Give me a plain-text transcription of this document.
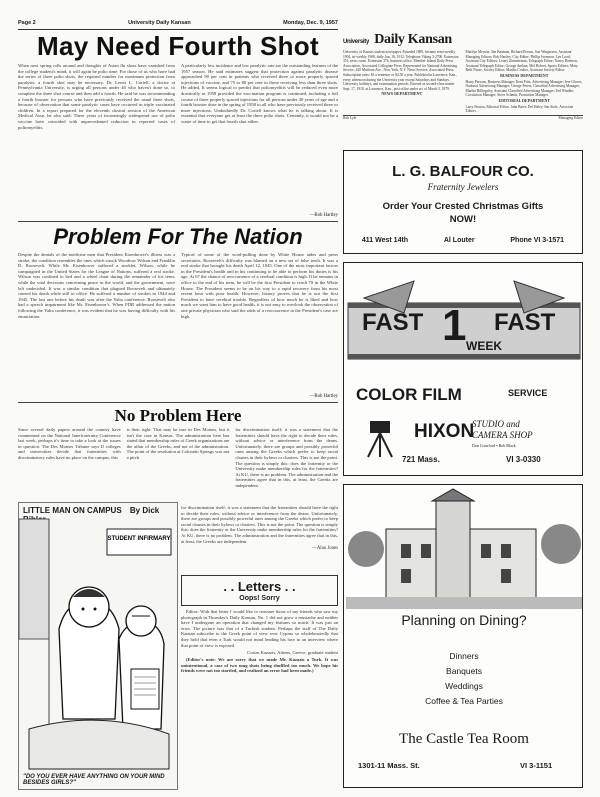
Page 2	University Daily Kansan	Monday, Dec. 9, 1957
May Need Fourth Shot
When next spring rolls around and thoughts of Asian flu shots have vanished from the college student's mind, it will again be polio time. For those of us who have had the series of three polio shots, the required number for maximum protection from paralysis, a fourth shot may be necessary. Dr. Lewis L. Coriell, a doctor at Pennsylvania University, is urging all persons under 40 who haven't done so, to complete the three shot course and then add a fourth. He said he was recommending a fourth booster for persons who have previously received the usual three shots, because of observation that some paralytic cases have occurred in triple vaccinated children. In a report prepared for the eleventh clinical session of the American Medical Assn. he also said: There years of increasingly widespread use of polio vaccine have coincided with unprecedented reduction in reported cases of poliomyelitis.
A particularly low incidence and low paralytic rate are the outstanding features of the 1957 season. He said estimates suggest that protection against paralytic disease approached 90 per cent in patients who received three or more properly spaced injections of vaccine, and 75 to 80 per cent in those receiving less than three shots. He added, It seems logical to predict that poliomyelitis will be reduced even more drastically in 1958 provided the vaccination program is continued, including a full course of three properly spaced injections for all persons under 40 years of age and a fourth booster dose in the spring of 1958 to all who have previously received three or more injections. Undoubtedly Dr. Coriell knows what he is talking about. It is essential that everyone get at least the three polio shots. Certainly, it would not be a waste of time to get that fourth shot either.
—Bob Hartley
Problem For The Nation
Despite the denials of the medicine men that President Eisenhower's illness was a stroke, the condition resembles the ones which struck Woodrow Wilson and Franklin D. Roosevelt. While Mr. Eisenhower suffered a stroklet, Wilson, while he campaigned in the United States for the League of Nations, suffered a real stroke. Wilson was confined to bed and a wheel chair during the remainder of his term, while the vital decisions concerning peace in the world, and the government, were left undecided. It was a similar condition that plagued Roosevelt and ultimately caused his death while still in office. He suffered a number of strokes in 1944 and 1945. The last one before his death was after the Yalta conference. Roosevelt also had a speech impairment like Mr. Eisenhower's. When FDR addressed the nation following the Yalta conference, it was evident that he was having difficulty with his enunciation.
Typical of some of the word-pulling done by White House aides and press secretaries, Roosevelt's difficulty was blamed on a new set of false teeth. It was a real stroke that brought his death April 12, 1945. One of the most important factors in the President's health and in his continuing to be able to perform his duties is his age. At 67 the chance of reoccurrence of a cerebral condition is high. If he remains in office to the end of his term, he will be the first President to reach 70 in the White House. The President seems to be on his way to a rapid recovery from his most recent bout with poor health. However, history proves that he is not the first President to have cerebral trouble. Regardless of how much he is liked and how much we want him to have good health, it is not easy to overlook the observation of one private physician who said the odds of a reoccurrence in the President's case are high.
—Bob Hartley
No Problem Here
Since several daily papers around the country have commented on the National Interfraternity Conference last week, perhaps it's time to take a look at the issues in question. The Des Moines Tribune says If colleges and universities decide that fraternities with discriminatory rules have no place on the campus, this
is their right. That may be true in Des Moines, but it isn't the case in Kansas. The administration here has stated that membership rules of Greek organizations are the affair of the Greeks, and not of the administration. The point of the resolution at Colorado Springs was not a pitch
for discrimination itself; it was a statement that the fraternities should have the right to decide their rules, without advice or interference from the deans. Unfortunately, there are groups and possibly powerful ones among the Greeks which prefer to keep racial clauses in their bylaws or charters. This is not the point. The question is simply this: does the fraternity or the University make membership rules for the fraternities? At KU, there is no problem. The administration and the fraternities agree that in this, at least, the Greeks are independent.
LITTLE MAN ON CAMPUS By Dick
STUDENT INFIRMARY
"DO YOU EVER HAVE ANYTHING ON YOUR MIND BESIDES GIRLS?"
for discrimination itself; it was a statement that the fraternities should have the right to decide their rules, without advice or interference from the deans. Unfortunately, there are groups and possibly powerful ones among the Greeks which prefer to keep racial clauses in their bylaws or charters. This is not the point. The question is simply this: does the fraternity or the University make membership rules for the fraternities? At KU, there is no problem. The administration and the fraternities agree that in this, at least, the Greeks are independent.
—Alan Jones
. . Letters . .
Oops! Sorry

Editor: With that letter I would like to reassure those of my friends who saw my photograph in Thursday's Daily Kansan, No. 1 did not grow a mustache and neither have I undergone an operation that changed my features so much. It was just an error. The picture was that of a Turkish student. Perhaps the staff of The Daily Kansan subscribe to the Greek point of view over Cyprus so wholeheartedly that they hold that even a Turk would not mind lending his face to an interview where that point of view is exposed.

Costas Kazazis, Athens, Greece, graduate student

(Editor's note: We are sorry that we made Mr. Kazazis a Turk. It was unintentional, a case of two mug shots being shuffled too much. We hope his friends were not too startled, and realized an error had been made.)

University Daily Kansan
University of Kansas student newspaper. Founded 1889, became semi-weekly 1904, tri-weekly 1908, daily Jan. 16, 1912. Telephone Viking 3-2700. Extension 351, news room. Extension 376, business office. Member Inland Daily Press Association, Associated Collegiate Press. Represented for National Advertising Service, 420 Madison Ave., New York, N.Y. News Service: Associated Press. Subscription rates: $3 a semester or $4.50 a year. Published in Lawrence, Kan., every afternoon during the University year except Saturdays and Sundays, University holidays, and examination periods. Entered as second-class matter Sept. 17, 1910, at Lawrence, Kan., post office under act of March 3, 1879.
NEWS DEPARTMENT
Marilyn Merwin, Jim Bauman, Richard Brown, Sue Wingerson, Assistant Managing Editors; Bob Hartley, City Editor; Phillip Swanson, Lyn Loud, Assistant City Editors; Leony Zimmerman, Telegraph Editor; Nancy Hermon, Assistant Telegraph Editor; George Anthan, Mel Hobert, Sports Editors; Mary Beth Nurse, Society Editor; Martha Coulter, Assistant Society Editor.
BUSINESS DEPARTMENT
Harry Parsons, Business Manager. Kent Fritz, Advertising Manager; Jere Glover, National Advertising Manager; George Peters, Classified Advertising Manager; Martha Billingsley, Assistant Classified Advertising Manager; Ted Windler, Circulation Manager; Steve Schmitt, Promotion Manager.
EDITORIAL DEPARTMENT
Larry Boston, Editorial Editor. John Bates, Del Haley, Jim Stolz, Associate Editors.
Bob Lyle	Managing Editor
L. G. BALFOUR CO.
Fraternity Jewelers
Order Your Crested Christmas Gifts
NOW!
411 West 14th	Al Louter	Phone VI 3-1571
FAST 1 FAST
WEEK
COLOR FILM	SERVICE
HIXON
STUDIO and
CAMERA SHOP
Don Crawford • Bob Black
721 Mass.	VI 3-0330
Planning on Dining?
Dinners
Banquets
Weddings
Coffee & Tea Parties
The Castle Tea Room
1301-11 Mass. St.	VI 3-1151
